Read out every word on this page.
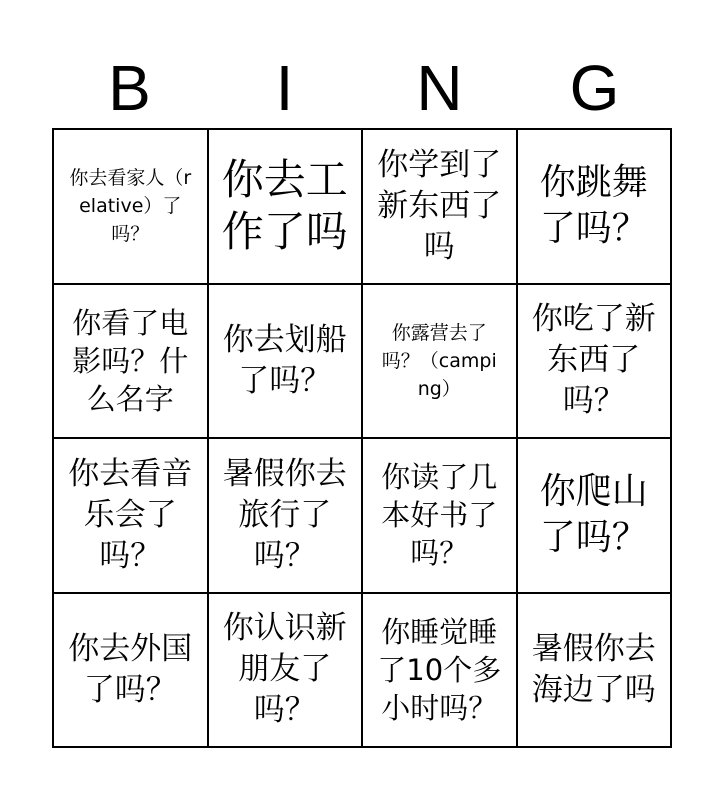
B	I	N	G
你去看家人（relative）了吗？
你去工作了吗
你学到了新东西了吗
你跳舞了吗？
你看了电影吗？什么名字
你去划船了吗？
你露营去了吗？（camping）
你吃了新东西了吗？
你去看音乐会了吗？
暑假你去旅行了吗？
你读了几本好书了吗？
你爬山了吗？
你去外国了吗？
你认识新朋友了吗？
你睡觉睡了10个多小时吗？
暑假你去海边了吗
